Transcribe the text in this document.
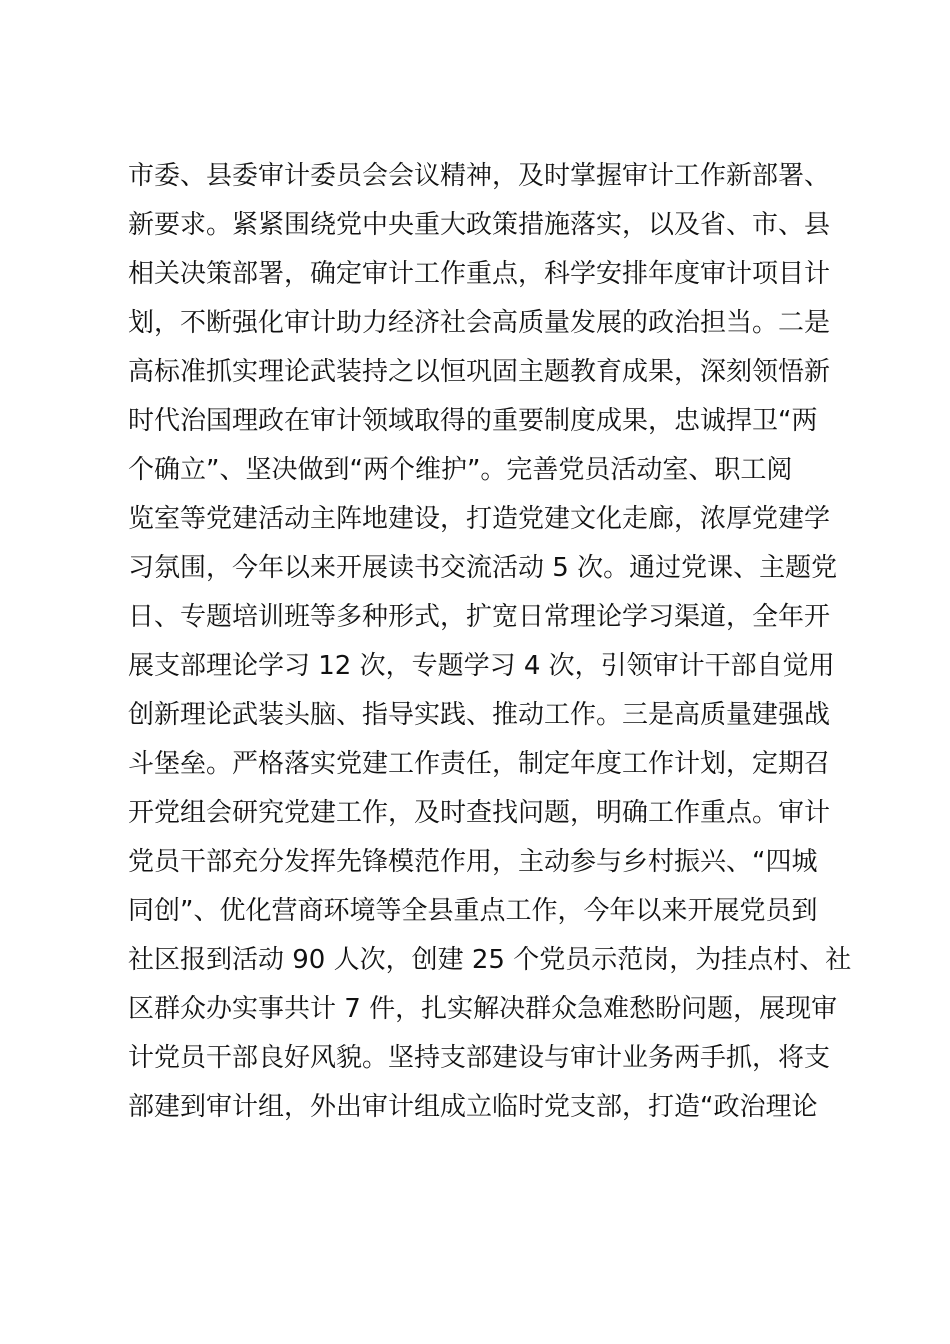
市委、县委审计委员会会议精神，及时掌握审计工作新部署、
新要求。紧紧围绕党中央重大政策措施落实，以及省、市、县
相关决策部署，确定审计工作重点，科学安排年度审计项目计
划，不断强化审计助力经济社会高质量发展的政治担当。二是
高标准抓实理论武装持之以恒巩固主题教育成果，深刻领悟新
时代治国理政在审计领域取得的重要制度成果，忠诚捍卫“两
个确立”、坚决做到“两个维护”。完善党员活动室、职工阅
览室等党建活动主阵地建设，打造党建文化走廊，浓厚党建学
习氛围，今年以来开展读书交流活动 5 次。通过党课、主题党
日、专题培训班等多种形式，扩宽日常理论学习渠道，全年开
展支部理论学习 12 次，专题学习 4 次，引领审计干部自觉用
创新理论武装头脑、指导实践、推动工作。三是高质量建强战
斗堡垒。严格落实党建工作责任，制定年度工作计划，定期召
开党组会研究党建工作，及时查找问题，明确工作重点。审计
党员干部充分发挥先锋模范作用，主动参与乡村振兴、“四城
同创”、优化营商环境等全县重点工作，今年以来开展党员到
社区报到活动 90 人次，创建 25 个党员示范岗，为挂点村、社
区群众办实事共计 7 件，扎实解决群众急难愁盼问题，展现审
计党员干部良好风貌。坚持支部建设与审计业务两手抓，将支
部建到审计组，外出审计组成立临时党支部，打造“政治理论
